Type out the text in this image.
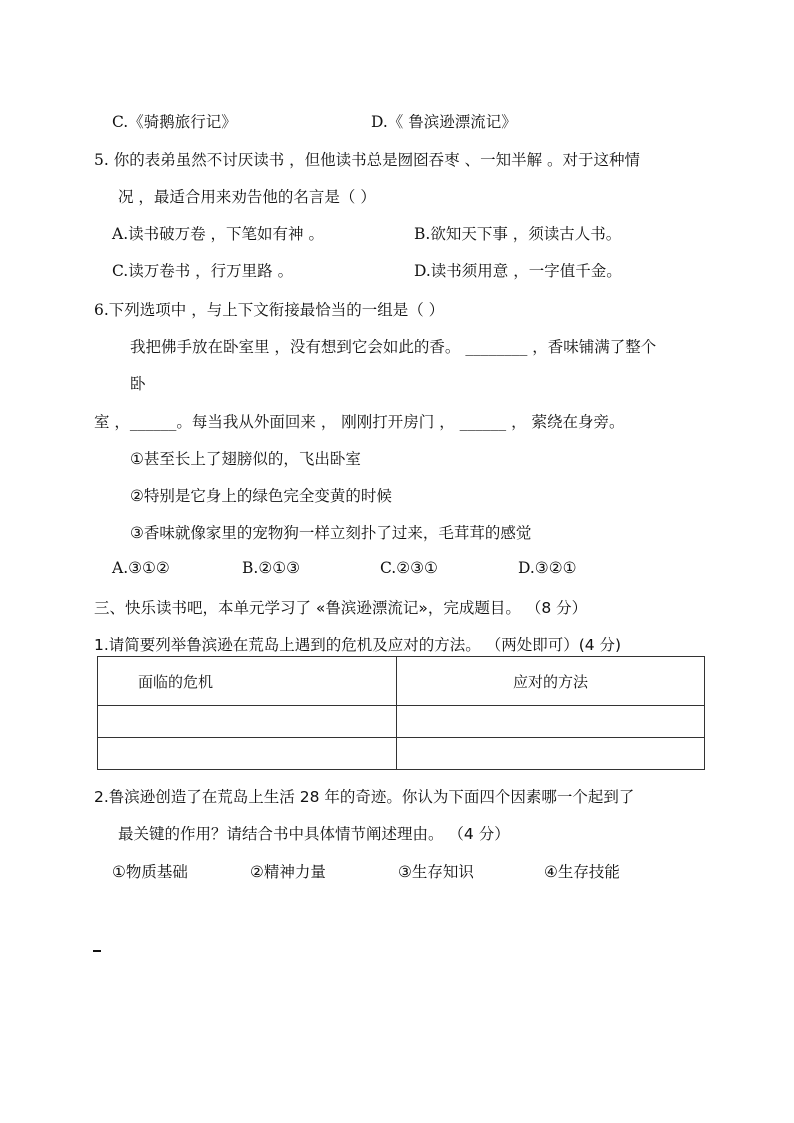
C.《骑鹅旅行记》	D.《 鲁滨逊漂流记》
5. 你的表弟虽然不讨厌读书 ，但他读书总是囫囵吞枣 、一知半解 。对于这种情
况 ，最适合用来劝告他的名言是（ ）
A.读书破万卷 ，下笔如有神 。	B.欲知天下事 ，须读古人书。
C.读万卷书 ，行万里路 。	D.读书须用意 ，一字值千金。
6.下列选项中 ，与上下文衔接最恰当的一组是（ ）
我把佛手放在卧室里 ，没有想到它会如此的香。 ________ ，香味铺满了整个
卧
室 ，______。每当我从外面回来 ， 刚刚打开房门 ， ______ ， 萦绕在身旁。
①甚至长上了翅膀似的，飞出卧室
②特别是它身上的绿色完全变黄的时候
③香味就像家里的宠物狗一样立刻扑了过来，毛茸茸的感觉
A.③①②	B.②①③	C.②③①	D.③②①
三、快乐读书吧，本单元学习了 «鲁滨逊漂流记»，完成题目。 （8 分）
1.请简要列举鲁滨逊在荒岛上遇到的危机及应对的方法。 （两处即可）(4 分)
面临的危机	应对的方法

2.鲁滨逊创造了在荒岛上生活 28 年的奇迹。你认为下面四个因素哪一个起到了
最关键的作用？请结合书中具体情节阐述理由。 （4 分）
①物质基础	②精神力量	③生存知识	④生存技能
